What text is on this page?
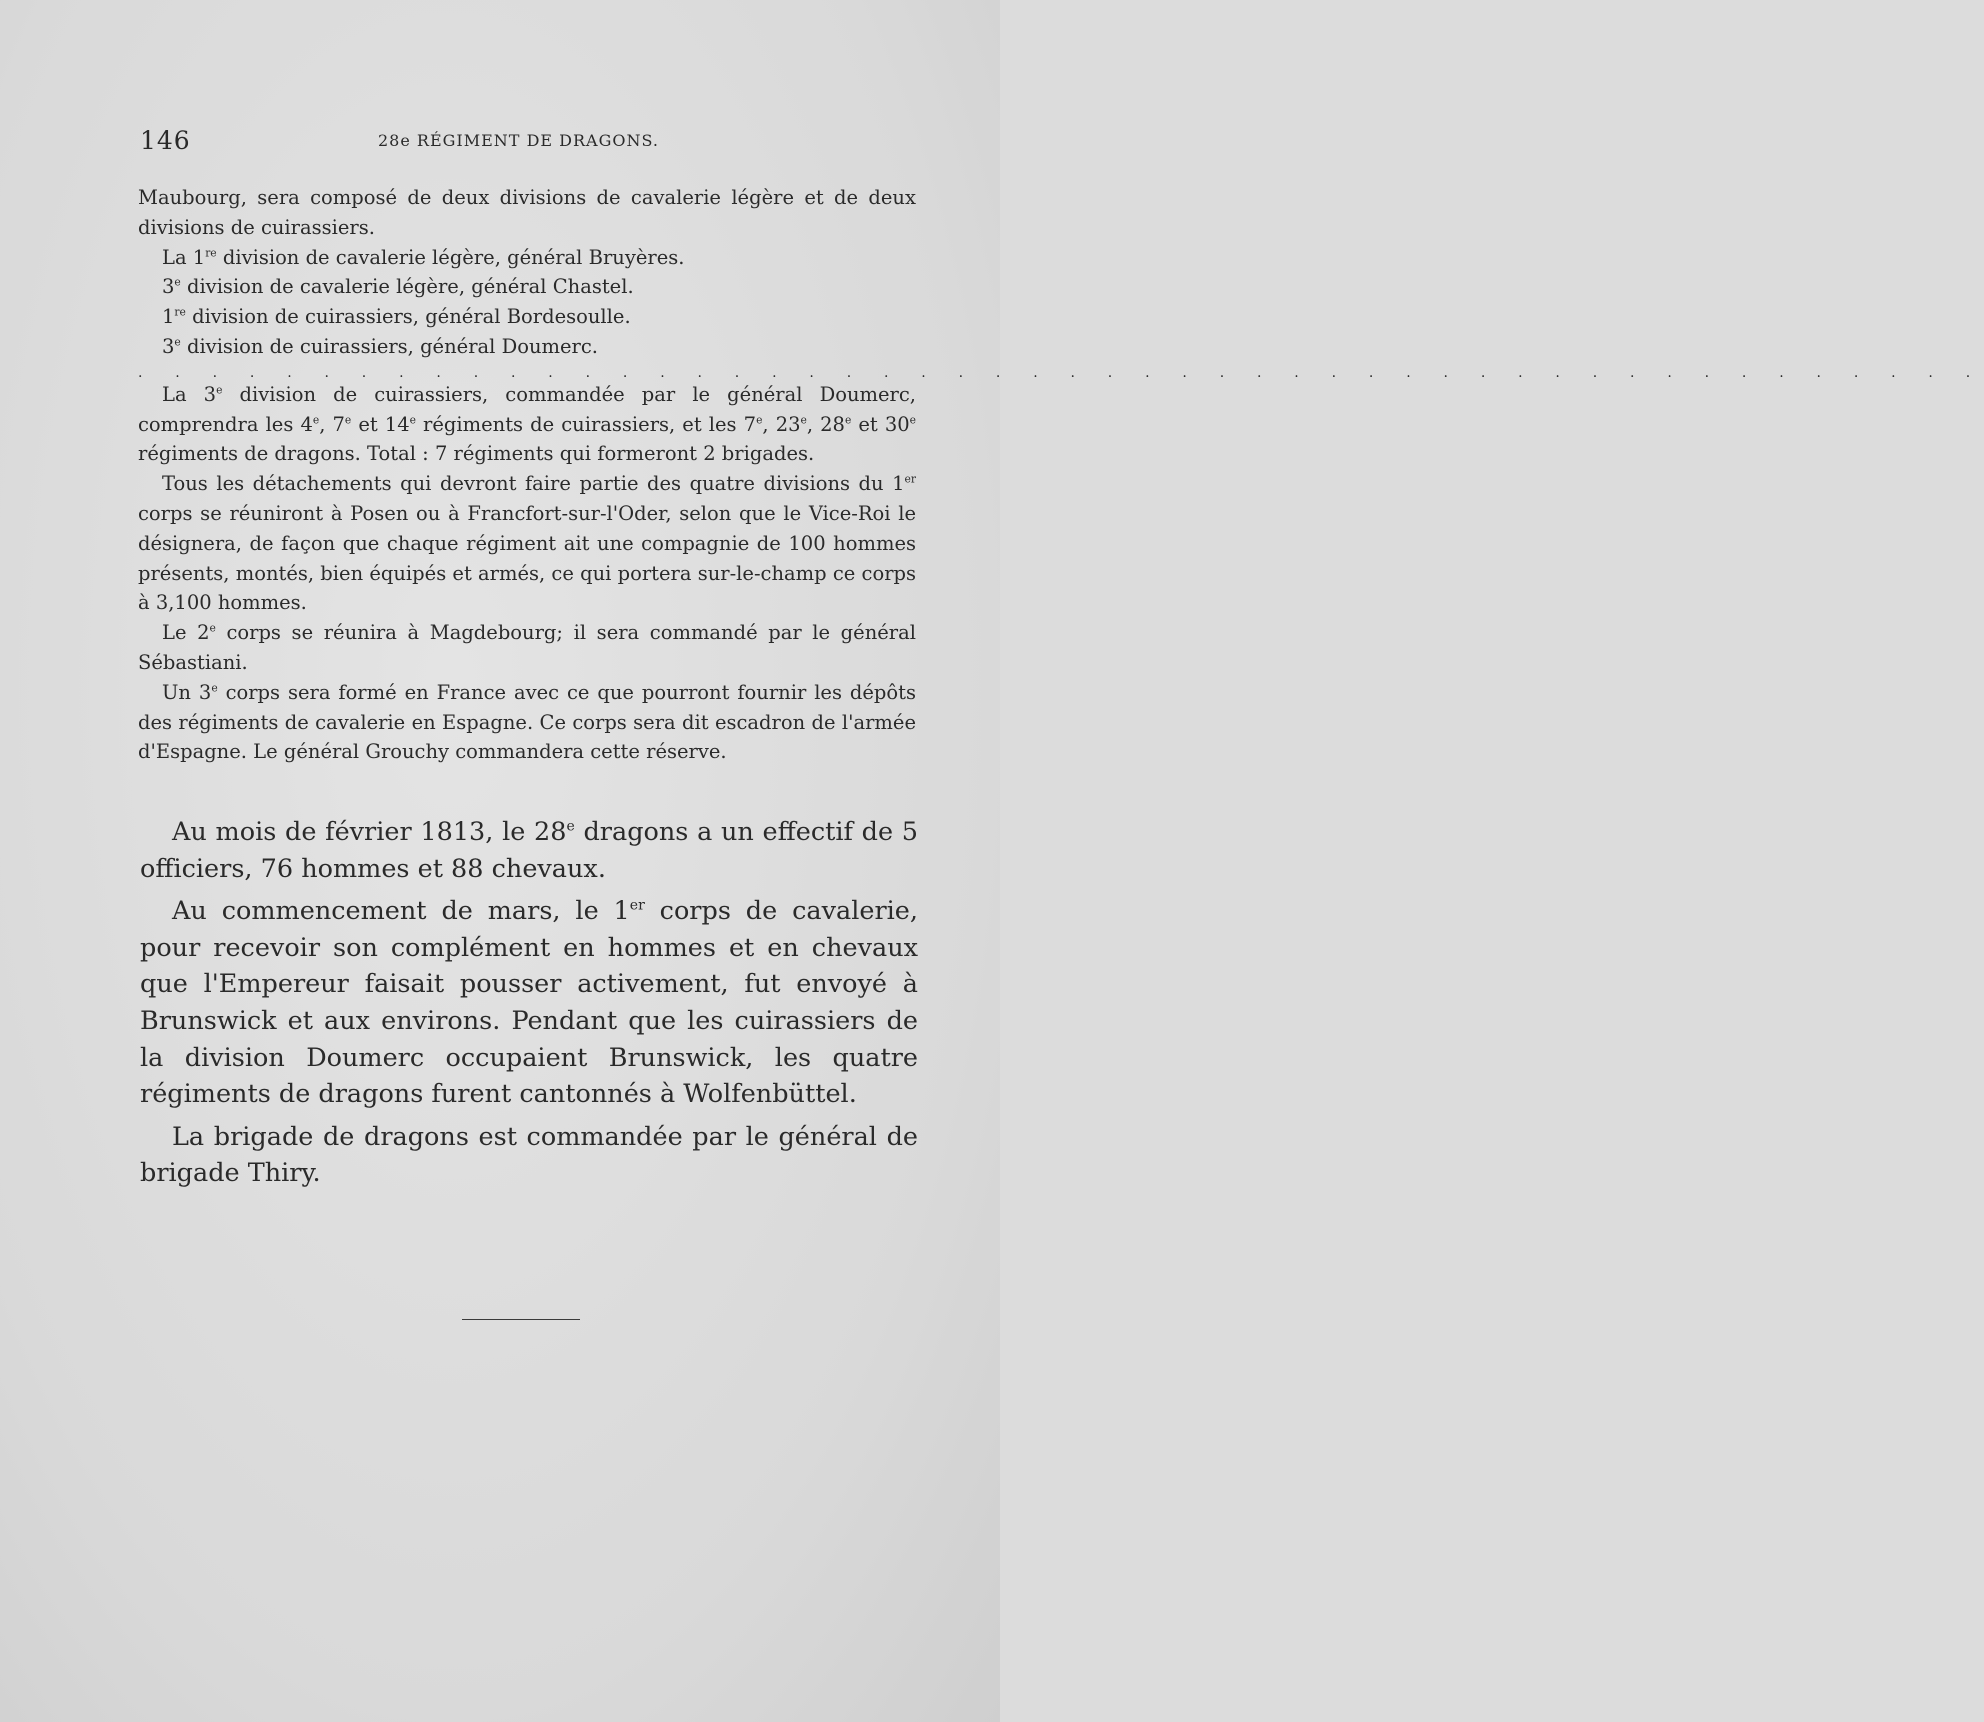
146	28e RÉGIMENT DE DRAGONS.

Maubourg, sera composé de deux divisions de cavalerie légère et de deux divisions de cuirassiers.

La 1re division de cavalerie légère, général Bruyères.

3e division de cavalerie légère, général Chastel.

1re division de cuirassiers, général Bordesoulle.

3e division de cuirassiers, général Doumerc.

. . . . . . . . . . . . . . . . . . . . . . . . . . . . . . . . . . . . . . . . . . . . . . . . . .

La 3e division de cuirassiers, commandée par le général Doumerc, comprendra les 4e, 7e et 14e régiments de cuirassiers, et les 7e, 23e, 28e et 30e régiments de dragons. Total : 7 régiments qui formeront 2 brigades.

Tous les détachements qui devront faire partie des quatre divisions du 1er corps se réuniront à Posen ou à Francfort-sur-l'Oder, selon que le Vice-Roi le désignera, de façon que chaque régiment ait une compagnie de 100 hommes présents, montés, bien équipés et armés, ce qui portera sur-le-champ ce corps à 3,100 hommes.

Le 2e corps se réunira à Magdebourg; il sera commandé par le général Sébastiani.

Un 3e corps sera formé en France avec ce que pourront fournir les dépôts des régiments de cavalerie en Espagne. Ce corps sera dit escadron de l'armée d'Espagne. Le général Grouchy commandera cette réserve.

Au mois de février 1813, le 28e dragons a un effectif de 5 officiers, 76 hommes et 88 chevaux.

Au commencement de mars, le 1er corps de cavalerie, pour recevoir son complément en hommes et en chevaux que l'Empereur faisait pousser activement, fut envoyé à Brunswick et aux environs. Pendant que les cuirassiers de la division Doumerc occupaient Brunswick, les quatre régiments de dragons furent cantonnés à Wolfenbüttel.

La brigade de dragons est commandée par le général de brigade Thiry.
